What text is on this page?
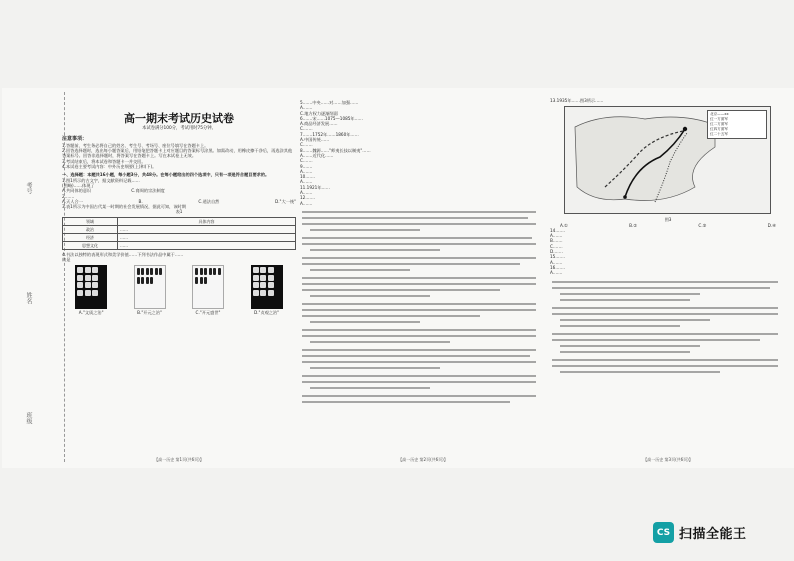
考号
姓名
班级
高一期末考试历史试卷
本试卷满分100分，考试用时75分钟。
注意事项：
1.答题前，考生务必将自己的姓名、考生号、考场号、座位号填写在答题卡上。
2.回答选择题时，选出每小题答案后，用铅笔把答题卡上对应题目的答案标号涂黑。如需改动，用橡皮擦干净后，再选涂其他答案标号。回答非选择题时，将答案写在答题卡上。写在本试卷上无效。
3.考试结束后，将本试卷和答题卡一并交回。
4.本试卷主要考试内容：中外历史纲要(上)和(下)。
一、选择题：本题共16小题，每小题3分，共48分。在每小题给出的四个选项中，只有一项是符合题目要求的。
1.图1所示的古文字，据文献资料记载……
(图略)……体现了
A.共同体的意识	C.商周的宗法制度
2.……
A.天人合一	B.	C.道法自然	D."大一统"
3.表1所示为中国古代某一时期的社会发展情况，据此可知，该时期
表1
领域	具体内容
政治	……
经济	……
思想文化	……
4.书法以独特的表现形式和美学价值……下列书法作品中属于……
的是
A."文质之治"	B."开元之治"	C."开元盛世"	D."贞观之治"
【高一历史 第1页(共6页)】
5.……中央……对……加强……
A.……
C.地方权力逐渐削弱
6.……宋……1075—1085年……
A.商品经济发展……
C.……
7.……1752年……1860年……
A.中国传统……
C.……
8.……魏源……"师夷长技以制夷"……
A.……近代化……
C.……
9.……
A.……
10.……
A.……
11.1921年……
A.……
12.……
A.……
【高一历史 第2页(共6页)】
13.1935年……图3所示……
北京——xx
红一方面军
红二方面军
红四方面军
红二十五军
图3
A.①	B.②	C.③	D.④
14.……
A.……
B.……
C.……
D.……
15.……
A.……
16.……
A.……
【高一历史 第3页(共6页)】
CS 扫描全能王
